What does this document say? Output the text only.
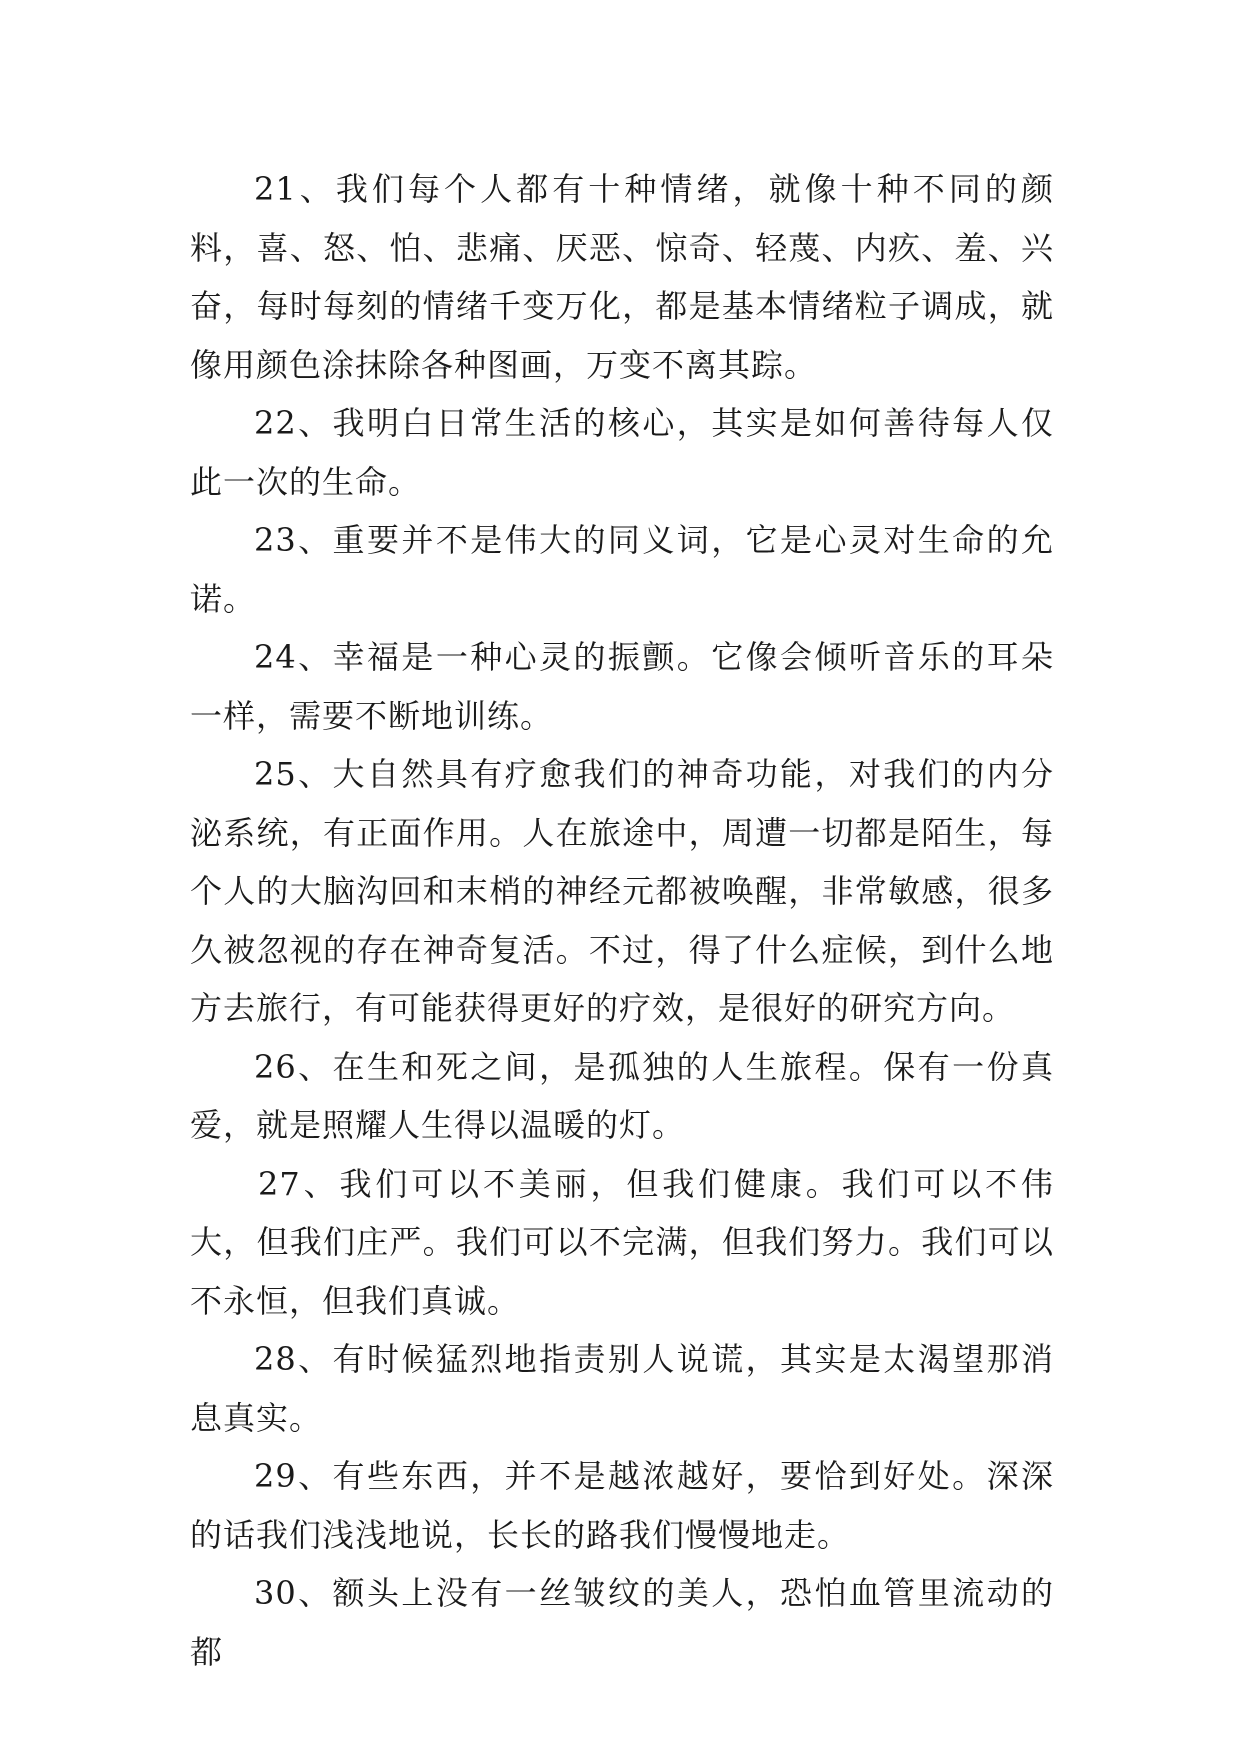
21、我们每个人都有十种情绪，就像十种不同的颜料，喜、怒、怕、悲痛、厌恶、惊奇、轻蔑、内疚、羞、兴奋，每时每刻的情绪千变万化，都是基本情绪粒子调成，就像用颜色涂抹除各种图画，万变不离其踪。

22、我明白日常生活的核心，其实是如何善待每人仅此一次的生命。

23、重要并不是伟大的同义词，它是心灵对生命的允诺。

24、幸福是一种心灵的振颤。它像会倾听音乐的耳朵一样，需要不断地训练。

25、大自然具有疗愈我们的神奇功能，对我们的内分泌系统，有正面作用。人在旅途中，周遭一切都是陌生，每个人的大脑沟回和末梢的神经元都被唤醒，非常敏感，很多久被忽视的存在神奇复活。不过，得了什么症候，到什么地方去旅行，有可能获得更好的疗效，是很好的研究方向。

26、在生和死之间，是孤独的人生旅程。保有一份真爱，就是照耀人生得以温暖的灯。

27、我们可以不美丽，但我们健康。我们可以不伟大，但我们庄严。我们可以不完满，但我们努力。我们可以不永恒，但我们真诚。

28、有时候猛烈地指责别人说谎，其实是太渴望那消息真实。

29、有些东西，并不是越浓越好，要恰到好处。深深的话我们浅浅地说，长长的路我们慢慢地走。

30、额头上没有一丝皱纹的美人，恐怕血管里流动的都
